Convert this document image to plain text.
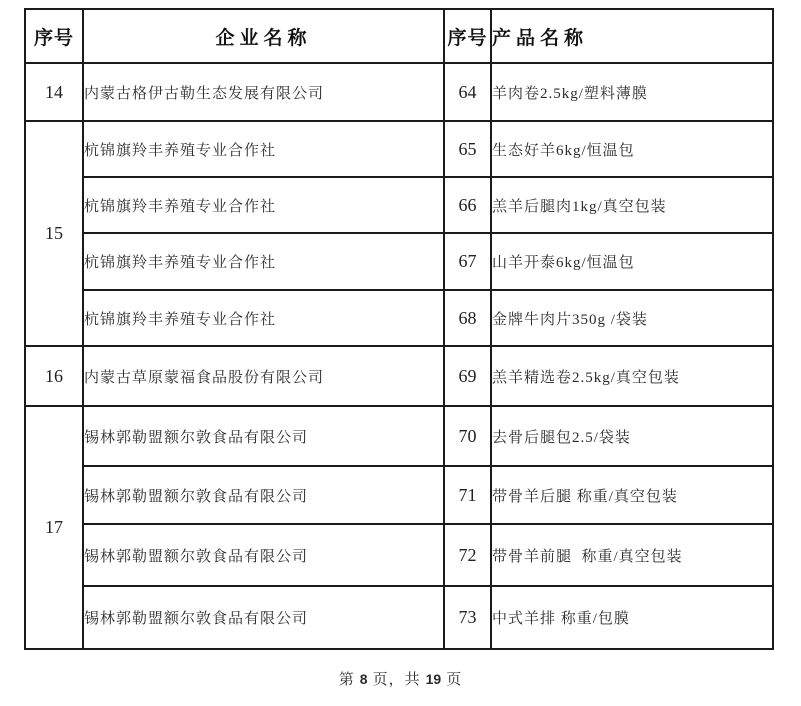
序号	企业名称	序号	产品名称
14	内蒙古格伊古勒生态发展有限公司	64	羊肉卷2.5kg/塑料薄膜
15	杭锦旗羚丰养殖专业合作社	65	生态好羊6kg/恒温包
	杭锦旗羚丰养殖专业合作社	66	羔羊后腿肉1kg/真空包装
	杭锦旗羚丰养殖专业合作社	67	山羊开泰6kg/恒温包
	杭锦旗羚丰养殖专业合作社	68	金牌牛肉片350g /袋装
16	内蒙古草原蒙福食品股份有限公司	69	羔羊精选卷2.5kg/真空包装
17	锡林郭勒盟额尔敦食品有限公司	70	去骨后腿包2.5/袋装
	锡林郭勒盟额尔敦食品有限公司	71	带骨羊后腿 称重/真空包装
	锡林郭勒盟额尔敦食品有限公司	72	带骨羊前腿  称重/真空包装
	锡林郭勒盟额尔敦食品有限公司	73	中式羊排 称重/包膜
第 8 页，共 19 页
